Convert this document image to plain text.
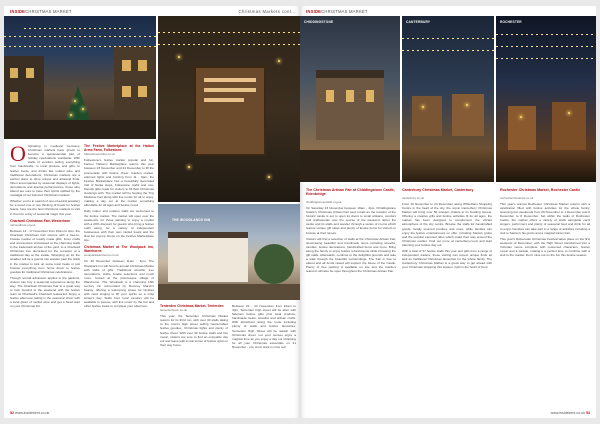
INSIDECHRISTMAS MARKET	Christmas Markets cont...
THE WOODLANDS INN
Originating in medieval Germany, Christmas markets have grown to become a quintessential part of holiday celebrations worldwide. With stalls of vendors selling everything from handicrafts, to local produce and gifts; to festive foods, and drinks like mulled wine and traditional decorations, Christmas markets are a perfect place to shop unique and artisanal finds. Often accompanied by seasonal displays of lights, decorations and special performances, those who attend are sure to have their spirits uplifted by the nostalgia of our beloved Christmas markets.
Whether you're in search of one-of-a-kind jewellery for a loved one or are thinking of treats for festive feasts, here are the best Christmas markets to visit in Kent for a day of seasonal magic this year.
Chartwell Christmas Fair, Westerham
nationaltrust.org.uk
Between 14 - 17 November from 10am to 4pm, the Chartwell Christmas Fair returns with a free-to-browse market of locally made gifts. From crafts and accessories showcased at the charming stalls in the trademark arches of the yard, to a Chartwell Christmas tree decorated for the occasion of a traditional day at the estate. Wrapping up for the weather will be a guests can wander past the stalls in the market to pick up some local treats or just browse everything from home decor to festive goodies for traditional Christmas celebrations.
Though normal admission applies to the gardens, visitors can buy a seasonal experience along the way. The Chartwell Christmas Fair is a great way to look forward to the weekend with the festive team at Chartwell's Chartwell restaurant. Enjoy a festive afternoon taking in the seasonal cheer with a local glass of mulled wine and get a head start on your Christmas list.
The Festive Marketplace at the Hatton Arms Farm, Folkestone
folkestonemarket.co.uk
Folkestone's festive market popular and fun, Farmer Hatton's Marketplace returns this year between 23 November and 24 December to fill the promenade with festive cheer. Garden market, adorned lights and buzzing from 11 - 6pm, the Festive Marketplace has a beautifully decorated trail of Santa stops, Folkestone crafts and eco-friendly gifts made for visitors to fill their Christmas stockings with. The market will be hosting the Tiny Mistletoe Fair along with live music for all to enjoy, making a day out at the market something affordable for all ages and festive mood.
Daily indoor and outdoor stalls are welcomed to the festive market. The market will open over the weekends, for those wanting to enjoy a market with a 20% discount for guests who bring a festive outfit along, for a variety of independent businesses with their own mulled treats and the final fun pop-up shops on the Festive Marketplace site.
Christmas Market at The Woolpack Inn, Warehorne
woolpackwarehorne.co.uk
On 30 November between 11am - 4pm, The Woolpack Inn will host its annual Christmas Market with stalls of gifts. Traditional wreaths, tree decorations, crafts, foodie selections and much more, hosted at the picturesque village of Warehorne. The Woolpack is a charming 16th century inn surrounded by Romney Marsh's beauty, offering a welcoming space for families with carol singing to lift your spirits on a crisp winter's day. Stalls from local vendors will be available to peruse, with live music by the bar and other festive treats to complete your afternoon.	Tenterden Christmas Market, Tenterden
tenterdentown.co.uk
This year, the Tenterden Christmas Market returns for its third run, with over 30 stalls taking to the town's high street selling hand-crafted festive goodies, Christmas lights and plenty of festive cheer. With over 30 festive stalls and live music, visitors are sure to find an enjoyable day out and leave with a real sense of festive spirit on their way home.
Between 22 - 24 November from 10am to 4pm, Tenterden high street will be alive with fabulous festive gifts plus local produce, handmade treats, wreaths and artisan crafts. With attractions along the route including plenty of stalls and festive favourites, Tenterden High Street will be awash with Christmas cheer. Let your senses enjoy a magical time as you enjoy a day out shopping for all your Christmas essentials on 21 November - you won't want to miss out!
52 www.insidekent.co.uk
INSIDECHRISTMAS MARKET
CHIDDINGSTONE	CANTERBURY	ROCHESTER
The Christmas Artisan Fair at Chiddingstone Castle, Edenbridge
chiddingstonecastle.org.uk
On Saturday 23 November between 10am - 4pm, Chiddingstone Castle's Christmas Artisan Fair sees locals as the location of the historic castle is set to open its doors to small artisans, vendors and craftspeople over the course of the weekend. Enter the castle and its stalls and wander through a series of rooms which feature unique gift ideas and plenty of festive items for visitors to browse at their leisure.
Visitors will find a selection of stalls at the Christmas Artisan Fair, showcasing beautiful and handmade items including wreaths, candles, festive decorations, handcrafted items and more. Bring along the family to enjoy festive refreshments while browsing the gift stalls. Afterwards, continue to the delightful grounds and take a walk through the beautiful surroundings. The Fair is free to attend and all funds raised will support the future of the Castle. Plenty of free parking is available on site and the Castle's tearoom will also be open throughout the Christmas Artisan Fair.
Canterbury Christmas Market, Canterbury
canterbury.co.uk
From 16 November to 24 December along Whitefriars Shopping Centre in the heart of the city, the iconic Canterbury Christmas Market will bring over 50 wooden chalets to its bustling streets. Offering a creative gifts and festive activities fit for all ages, the market has been designed to complement the vibrant atmosphere of the city centre. Browse the stalls for handcrafted goods, locally sourced produce and more, while families can enjoy the festive entertainment on offer, including Santa's grotto and the popular carousel rides which make their way around the Christmas market. Find out more at canterbury.co.uk and start planning your festive day out.
With a total of 57 festive stalls this year and gifts from a range of independent traders, those visiting can expect unique finds as well as traditional Christmas favourites for the whole family. The Canterbury Christmas Market is a great way to get ahead with your Christmas shopping this season, right in the heart of Kent.
Rochester Christmas Market, Rochester Castle
rochesterchristmas.co.uk
This year's annual Rochester Christmas Market returns with a celebration filled with festive activities for the whole family, spanning two weekends from 29 November to 1 December and 6 December to 8 December. Set within the walls of Rochester Castle, the market offers a variety of stalls alongside carol singers, performers and plenty of seasonal food and drink for all to enjoy. Families can take part in a range of activities including a visit to Santa in his grotto and a magical winter trail.
This year's Dickensian Christmas Festival takes place on the first weekend of December, with the High Street transformed into a Victorian scene complete with costumed characters, festive music and a parade, making it a perfect time to combine with a visit to the market. Don't miss out on the fun this festive season.
www.insidekent.co.uk 53
